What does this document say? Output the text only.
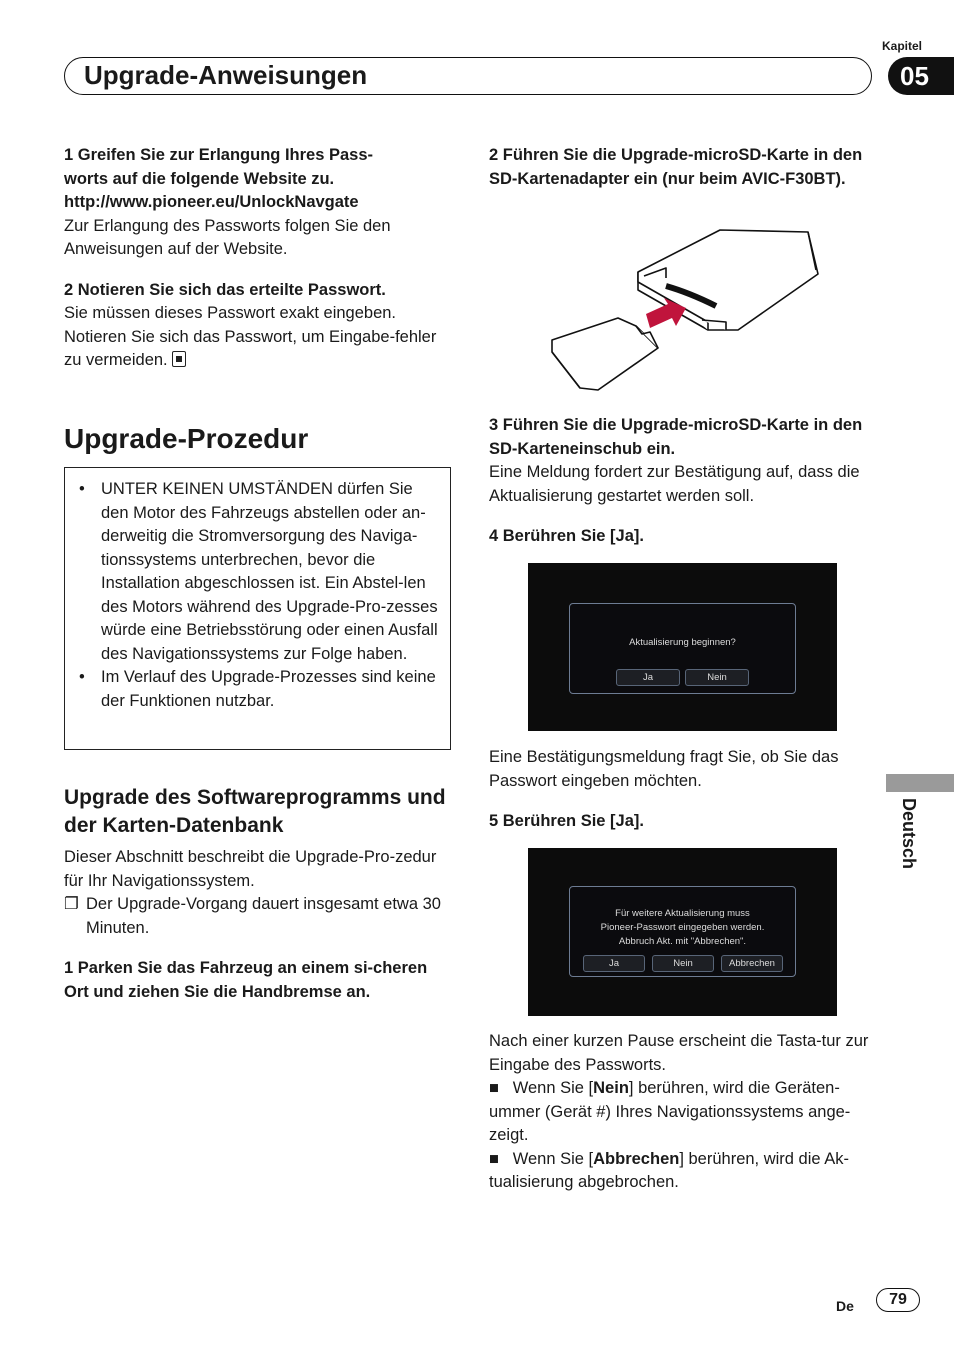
Upgrade-Anweisungen
Kapitel
05

1 Greifen Sie zur Erlangung Ihres Pass-
worts auf die folgende Website zu.

http://www.pioneer.eu/UnlockNavgate

Zur Erlangung des Passworts folgen Sie den Anweisungen auf der Website.

2 Notieren Sie sich das erteilte Passwort.

Sie müssen dieses Passwort exakt eingeben. Notieren Sie sich das Passwort, um Eingabe-fehler zu vermeiden.

Upgrade-Prozedur
• UNTER KEINEN UMSTÄNDEN dürfen Sie den Motor des Fahrzeugs abstellen oder an-derweitig die Stromversorgung des Naviga-tionssystems unterbrechen, bevor die Installation abgeschlossen ist. Ein Abstel-len des Motors während des Upgrade-Pro-zesses würde eine Betriebsstörung oder einen Ausfall des Navigationssystems zur Folge haben.
• Im Verlauf des Upgrade-Prozesses sind keine der Funktionen nutzbar.
Upgrade des Softwareprogramms und der Karten-Datenbank

Dieser Abschnitt beschreibt die Upgrade-Pro-zedur für Ihr Navigationssystem.

❐ Der Upgrade-Vorgang dauert insgesamt etwa 30 Minuten.

1 Parken Sie das Fahrzeug an einem si-cheren Ort und ziehen Sie die Handbremse an.

2 Führen Sie die Upgrade-microSD-Karte in den SD-Kartenadapter ein (nur beim AVIC-F30BT).

3 Führen Sie die Upgrade-microSD-Karte in den SD-Karteneinschub ein.

Eine Meldung fordert zur Bestätigung auf, dass die Aktualisierung gestartet werden soll.

4 Berühren Sie [Ja].

Aktualisierung beginnen?
Ja	Nein

Eine Bestätigungsmeldung fragt Sie, ob Sie das Passwort eingeben möchten.

5 Berühren Sie [Ja].

Für weitere Aktualisierung muss
Pioneer-Passwort eingegeben werden.
Abbruch Akt. mit "Abbrechen".
Ja	Nein	Abbrechen

Nach einer kurzen Pause erscheint die Tasta-tur zur Eingabe des Passworts.

■ Wenn Sie [Nein] berühren, wird die Geräten-ummer (Gerät #) Ihres Navigationssystems ange-zeigt.

■ Wenn Sie [Abbrechen] berühren, wird die Ak-tualisierung abgebrochen.

Deutsch
De	79
